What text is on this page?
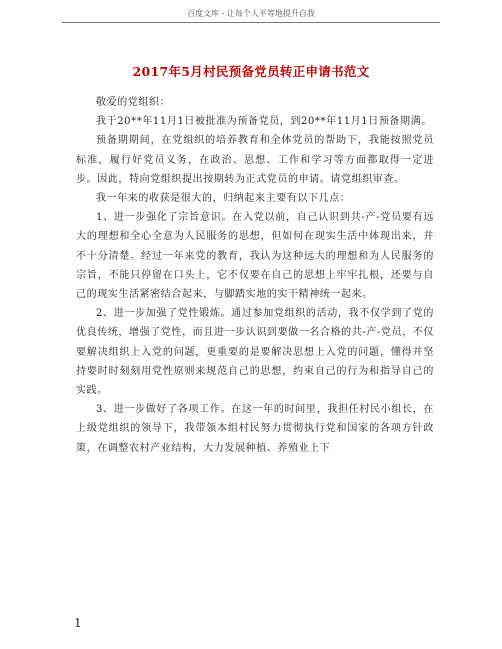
百度文库 - 让每个人平等地提升自我
2017年5月村民预备党员转正申请书范文

敬爱的党组织：

我于20**年11月1日被批准为预备党员，到20**年11月1日预备期满。

预备期期间，在党组织的培养教育和全体党员的帮助下，我能按照党员标准，履行好党员义务，在政治、思想、工作和学习等方面都取得一定进步。因此，特向党组织提出按期转为正式党员的申请。请党组织审查。

我一年来的收获是很大的，归纳起来主要有以下几点：

1、进一步强化了宗旨意识。在入党以前，自己认识到共-产-党员要有远大的理想和全心全意为人民服务的思想，但如何在现实生活中体现出来，并不十分清楚。经过一年来党的教育，我认为这种远大的理想和为人民服务的宗旨，不能只停留在口头上，它不仅要在自己的思想上牢牢扎根，还要与自己的现实生活紧密结合起来，与脚踏实地的实干精神统一起来。

2、进一步加强了党性锻炼。通过参加党组织的活动，我不仅学到了党的优良传统，增强了党性，而且进一步认识到要做一名合格的共-产-党员，不仅要解决组织上入党的问题，更重要的是要解决思想上入党的问题，懂得并坚持要时时刻刻用党性原则来规范自己的思想，约束自己的行为和指导自己的实践。

3、进一步做好了各项工作。在这一年的时间里，我担任村民小组长，在上级党组织的领导下，我带领本组村民努力贯彻执行党和国家的各项方针政策，在调整农村产业结构，大力发展种植、养殖业上下

1
